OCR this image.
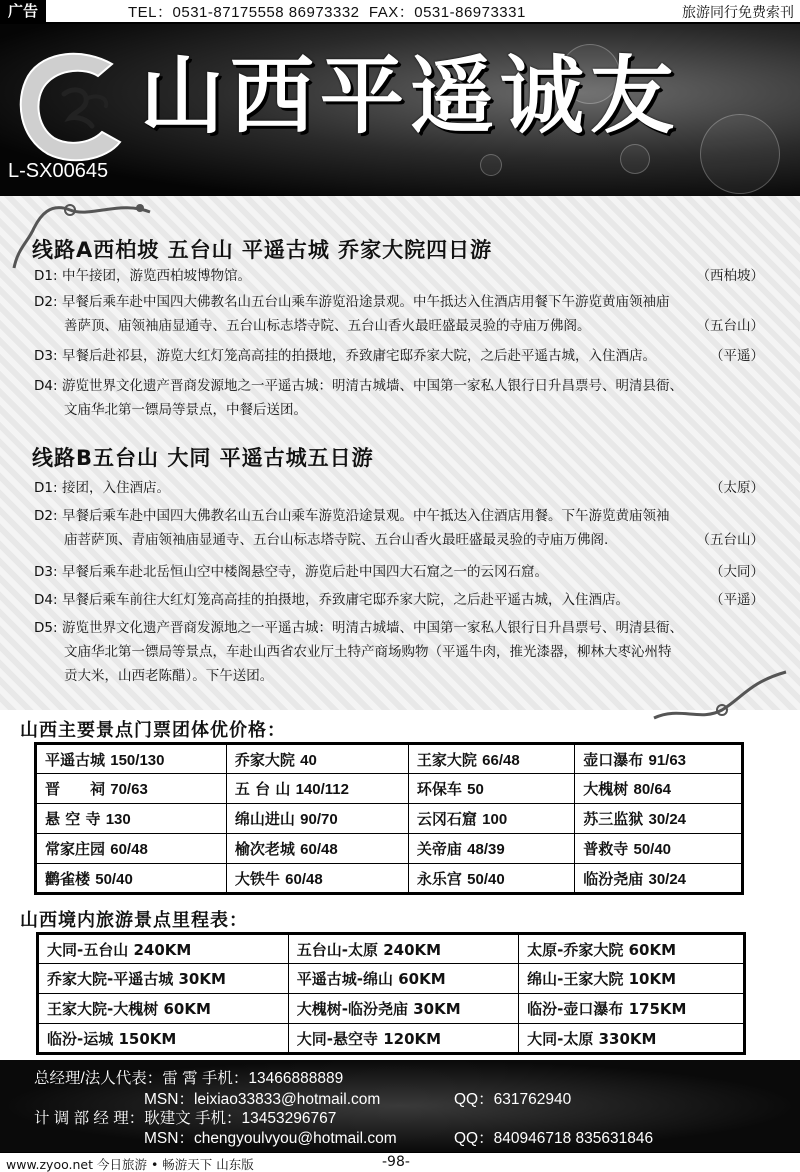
广告	TEL：0531-87175558 86973332 FAX：0531-86973331	旅游同行免费索刊
山西平遥诚友
L-SX00645
线路A西柏坡 五台山 平遥古城 乔家大院四日游
D1: 中午接团，游览西柏坡博物馆。	（西柏坡）
D2: 早餐后乘车赴中国四大佛教名山五台山乘车游览沿途景观。中午抵达入住酒店用餐下午游览黄庙领袖庙
善萨顶、庙领袖庙显通寺、五台山标志塔寺院、五台山香火最旺盛最灵验的寺庙万佛阁。	（五台山）
D3: 早餐后赴祁县，游览大红灯笼高高挂的拍摄地，乔致庸宅邸乔家大院，之后赴平遥古城，入住酒店。	（平遥）
D4: 游览世界文化遗产晋商发源地之一平遥古城：明清古城墙、中国第一家私人银行日升昌票号、明清县衙、
文庙华北第一镖局等景点，中餐后送团。
线路B五台山 大同 平遥古城五日游
D1: 接团，入住酒店。	（太原）
D2: 早餐后乘车赴中国四大佛教名山五台山乘车游览沿途景观。中午抵达入住酒店用餐。下午游览黄庙领袖
庙菩萨顶、青庙领袖庙显通寺、五台山标志塔寺院、五台山香火最旺盛最灵验的寺庙万佛阁.	（五台山）
D3: 早餐后乘车赴北岳恒山空中楼阁悬空寺，游览后赴中国四大石窟之一的云冈石窟。	（大同）
D4: 早餐后乘车前往大红灯笼高高挂的拍摄地，乔致庸宅邸乔家大院，之后赴平遥古城，入住酒店。	（平遥）
D5: 游览世界文化遗产晋商发源地之一平遥古城：明清古城墙、中国第一家私人银行日升昌票号、明清县衙、
文庙华北第一镖局等景点，车赴山西省农业厅土特产商场购物（平遥牛肉，推光漆器，柳林大枣沁州特
贡大米，山西老陈醋）。下午送团。
山西主要景点门票团体优价格：
平遥古城 150/130	乔家大院 40	王家大院 66/48	壶口瀑布 91/63
晋　　祠 70/63	五 台 山 140/112	环保车 50	大槐树 80/64
悬 空 寺 130	绵山进山 90/70	云冈石窟 100	苏三监狱 30/24
常家庄园 60/48	榆次老城 60/48	关帝庙 48/39	普救寺 50/40
鹳雀楼 50/40	大铁牛 60/48	永乐宫 50/40	临汾尧庙 30/24
山西境内旅游景点里程表：
大同-五台山 240KM	五台山-太原 240KM	太原-乔家大院 60KM
乔家大院-平遥古城 30KM	平遥古城-绵山 60KM	绵山-王家大院 10KM
王家大院-大槐树 60KM	大槐树-临汾尧庙 30KM	临汾-壶口瀑布 175KM
临汾-运城 150KM	大同-悬空寺 120KM	大同-太原 330KM
总经理/法人代表：雷 霄 手机：13466888889
MSN：leixiao33833@hotmail.com	QQ：631762940
计 调 部 经 理：耿建文 手机：13453296767
MSN：chengyoulvyou@hotmail.com	QQ：840946718 835631846
www.zyoo.net 今日旅游 • 畅游天下 山东版	-98-
